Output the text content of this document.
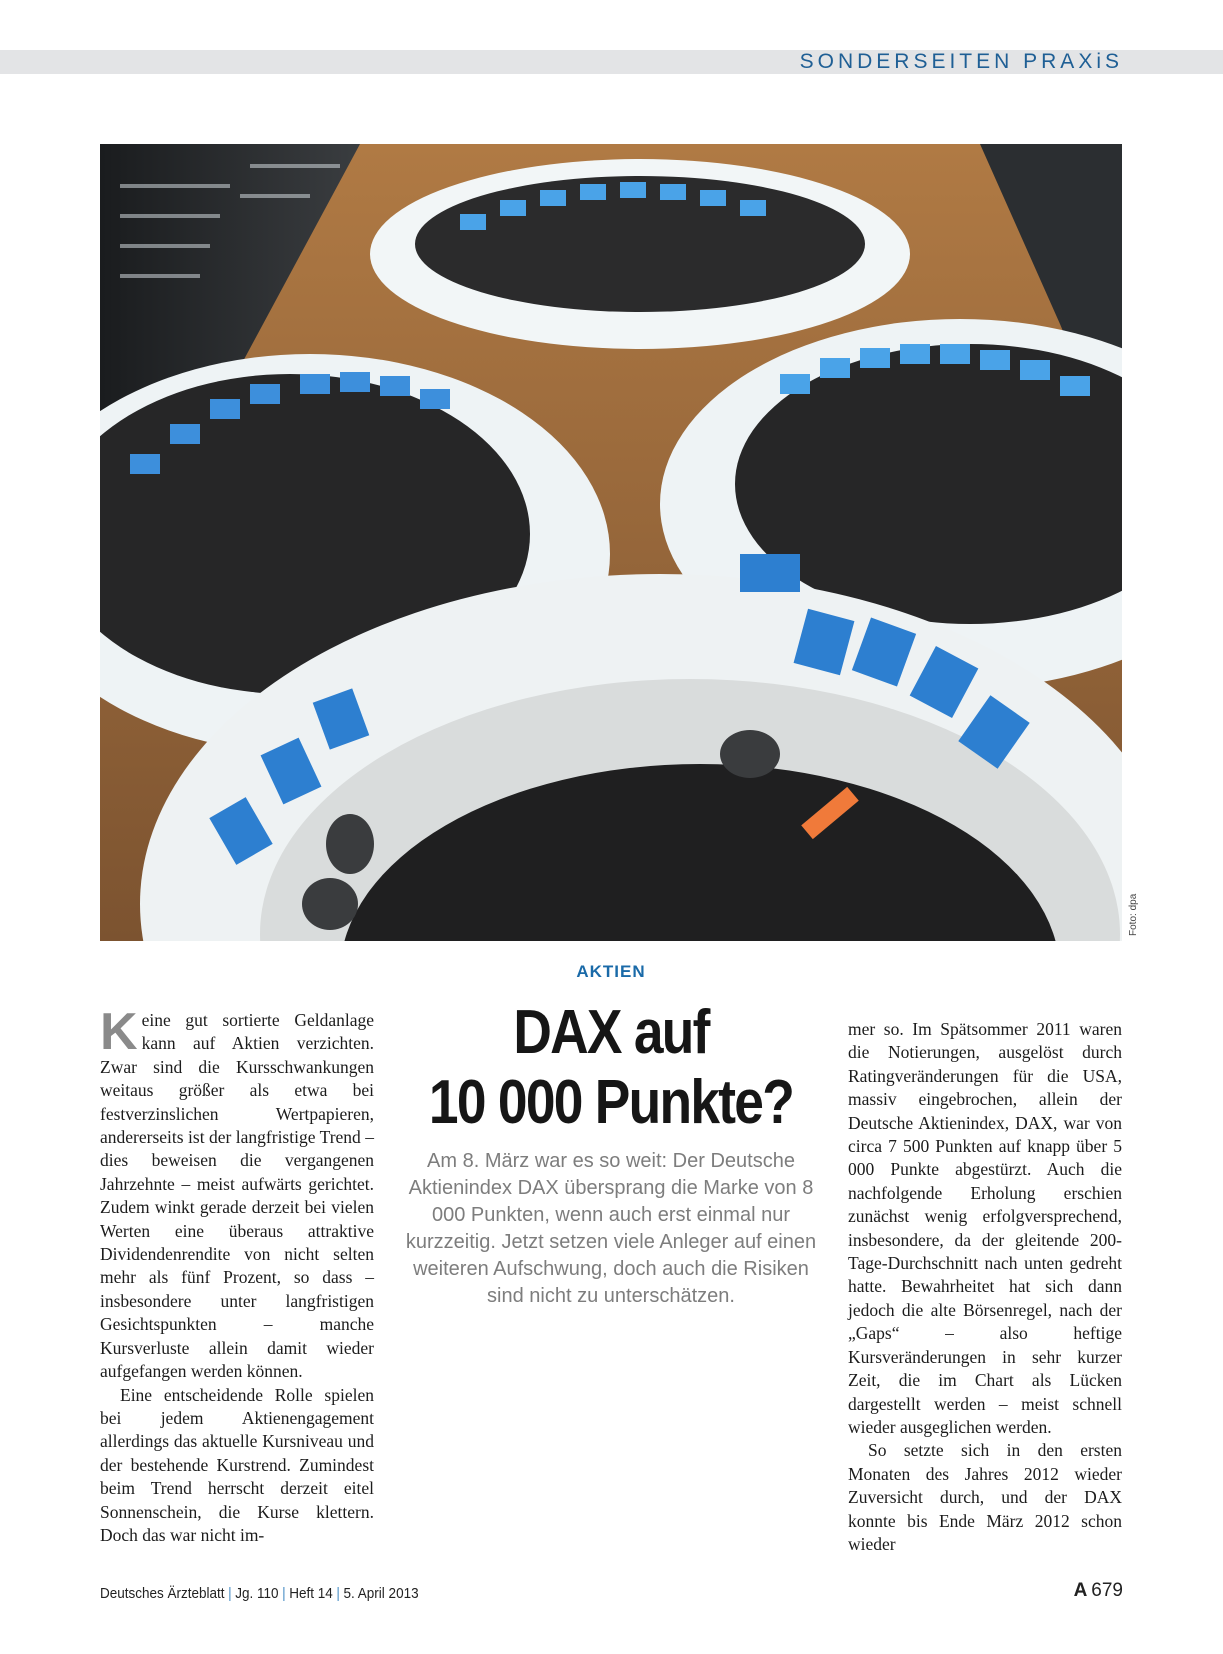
SONDERSEITEN PRAXiS
Foto: dpa
AKTIEN
DAX auf
10 000 Punkte?

Am 8. März war es so weit: Der Deutsche Aktienindex DAX übersprang die Marke von 8 000 Punkten, wenn auch erst einmal nur kurzzeitig. Jetzt setzen viele Anleger auf einen weiteren Aufschwung, doch auch die Risiken sind nicht zu unterschätzen.

Keine gut sortierte Geldanlage kann auf Aktien verzichten. Zwar sind die Kursschwankungen weitaus größer als etwa bei festverzinslichen Wertpapieren, andererseits ist der langfristige Trend – dies beweisen die vergangenen Jahrzehnte – meist aufwärts gerichtet. Zudem winkt gerade derzeit bei vielen Werten eine überaus attraktive Dividendenrendite von nicht selten mehr als fünf Prozent, so dass – insbesondere unter langfristigen Gesichtspunkten – manche Kursverluste allein damit wieder aufgefangen werden können.

Eine entscheidende Rolle spielen bei jedem Aktienengagement allerdings das aktuelle Kursniveau und der bestehende Kurstrend. Zumindest beim Trend herrscht derzeit eitel Sonnenschein, die Kurse klettern. Doch das war nicht im-

mer so. Im Spätsommer 2011 waren die Notierungen, ausgelöst durch Ratingveränderungen für die USA, massiv eingebrochen, allein der Deutsche Aktienindex, DAX, war von circa 7 500 Punkten auf knapp über 5 000 Punkte abgestürzt. Auch die nachfolgende Erholung erschien zunächst wenig erfolgversprechend, insbesondere, da der gleitende 200-Tage-Durchschnitt nach unten gedreht hatte. Bewahrheitet hat sich dann jedoch die alte Börsenregel, nach der „Gaps“ – also heftige Kursveränderungen in sehr kurzer Zeit, die im Chart als Lücken dargestellt werden – meist schnell wieder ausgeglichen werden.

So setzte sich in den ersten Monaten des Jahres 2012 wieder Zuversicht durch, und der DAX konnte bis Ende März 2012 schon wieder

Deutsches Ärzteblatt | Jg. 110 | Heft 14 | 5. April 2013	A 679
